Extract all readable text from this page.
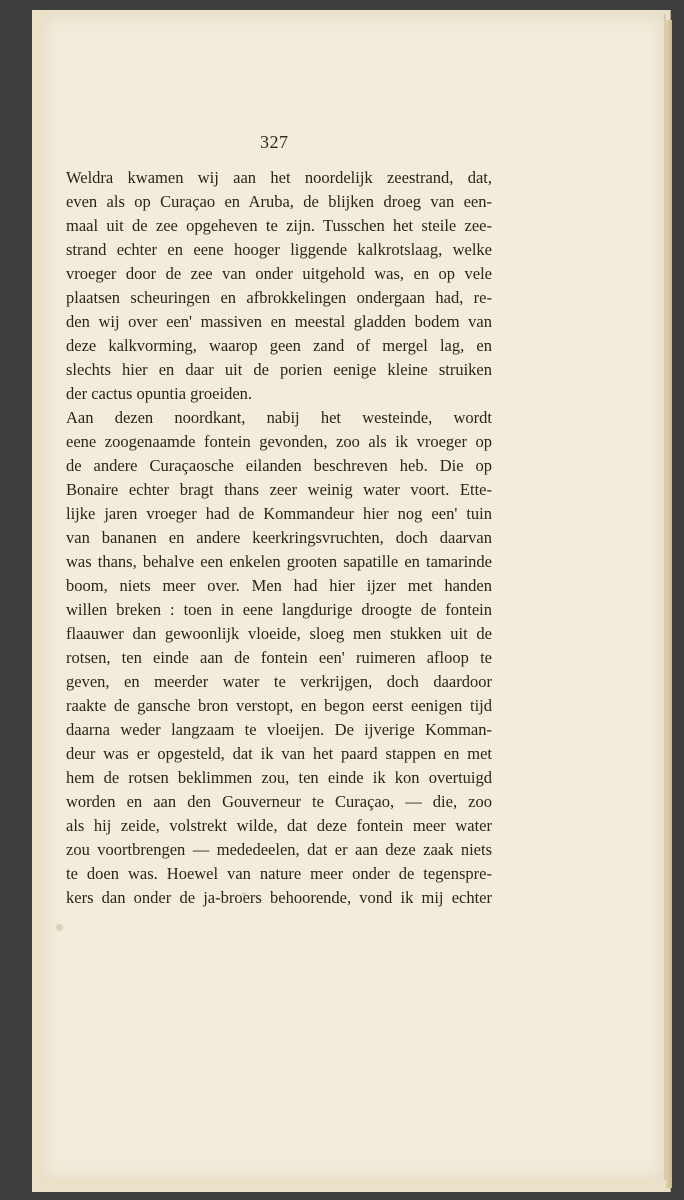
327
Weldra kwamen wij aan het noordelijk zeestrand, dat,
even als op Curaçao en Aruba, de blijken droeg van een-
maal uit de zee opgeheven te zijn. Tusschen het steile zee-
strand echter en eene hooger liggende kalkrotslaag, welke
vroeger door de zee van onder uitgehold was, en op vele
plaatsen scheuringen en afbrokkelingen ondergaan had, re-
den wij over een' massiven en meestal gladden bodem van
deze kalkvorming, waarop geen zand of mergel lag, en
slechts hier en daar uit de porien eenige kleine struiken
der cactus opuntia groeiden.
Aan dezen noordkant, nabij het westeinde, wordt
eene zoogenaamde fontein gevonden, zoo als ik vroeger op
de andere Curaçaosche eilanden beschreven heb. Die op
Bonaire echter bragt thans zeer weinig water voort. Ette-
lijke jaren vroeger had de Kommandeur hier nog een' tuin
van bananen en andere keerkringsvruchten, doch daarvan
was thans, behalve een enkelen grooten sapatille en tamarinde
boom, niets meer over. Men had hier ijzer met handen
willen breken : toen in eene langdurige droogte de fontein
flaauwer dan gewoonlijk vloeide, sloeg men stukken uit de
rotsen, ten einde aan de fontein een' ruimeren afloop te
geven, en meerder water te verkrijgen, doch daardoor
raakte de gansche bron verstopt, en begon eerst eenigen tijd
daarna weder langzaam te vloeijen. De ijverige Komman-
deur was er opgesteld, dat ik van het paard stappen en met
hem de rotsen beklimmen zou, ten einde ik kon overtuigd
worden en aan den Gouverneur te Curaçao, — die, zoo
als hij zeide, volstrekt wilde, dat deze fontein meer water
zou voortbrengen — mededeelen, dat er aan deze zaak niets
te doen was. Hoewel van nature meer onder de tegenspre-
kers dan onder de ja-broers behoorende, vond ik mij echter
